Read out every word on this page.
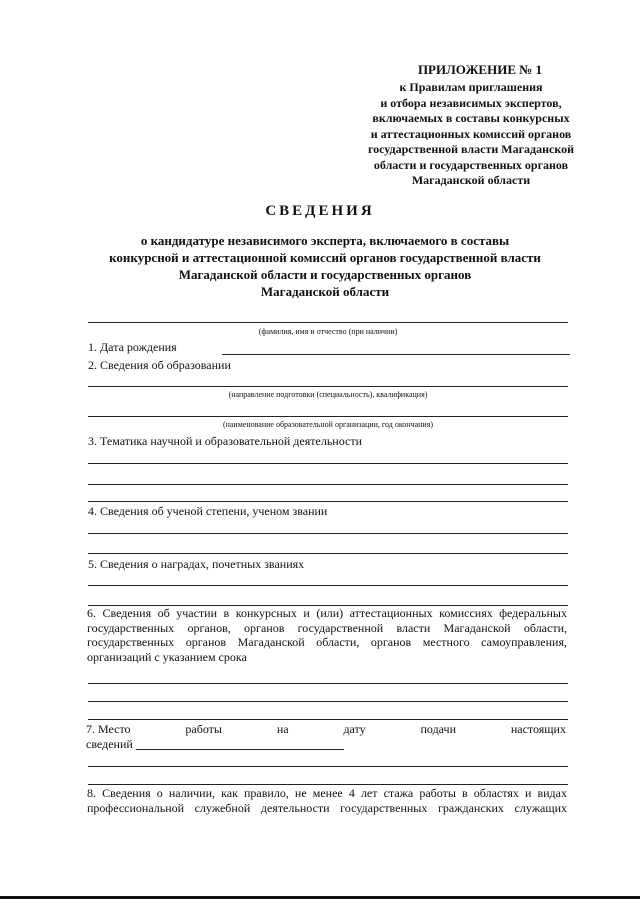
ПРИЛОЖЕНИЕ № 1
к Правилам приглашения
и отбора независимых экспертов,
включаемых в составы конкурсных
и аттестационных комиссий органов
государственной власти Магаданской
области и государственных органов
Магаданской области
СВЕДЕНИЯ
о кандидатуре независимого эксперта, включаемого в составы
конкурсной и аттестационной комиссий органов государственной власти
Магаданской области и государственных органов
Магаданской области
(фамилия, имя и отчество (при наличии)
1. Дата рождения
2. Сведения об образовании
(направление подготовки (специальность), квалификация)
(наименование образовательной организации, год окончания)
3. Тематика научной и образовательной деятельности
4. Сведения об ученой степени, ученом звании
5. Сведения о наградах, почетных званиях
6. Сведения об участии в конкурсных и (или) аттестационных комиссиях федеральных
государственных органов, органов государственной власти Магаданской области,
государственных органов Магаданской области, органов местного самоуправления,
организаций с указанием срока
7. Место	работы	на	дату	подачи	настоящих
сведений
8. Сведения о наличии, как правило, не менее 4 лет стажа работы в областях и видах
профессиональной служебной деятельности государственных гражданских служащих
